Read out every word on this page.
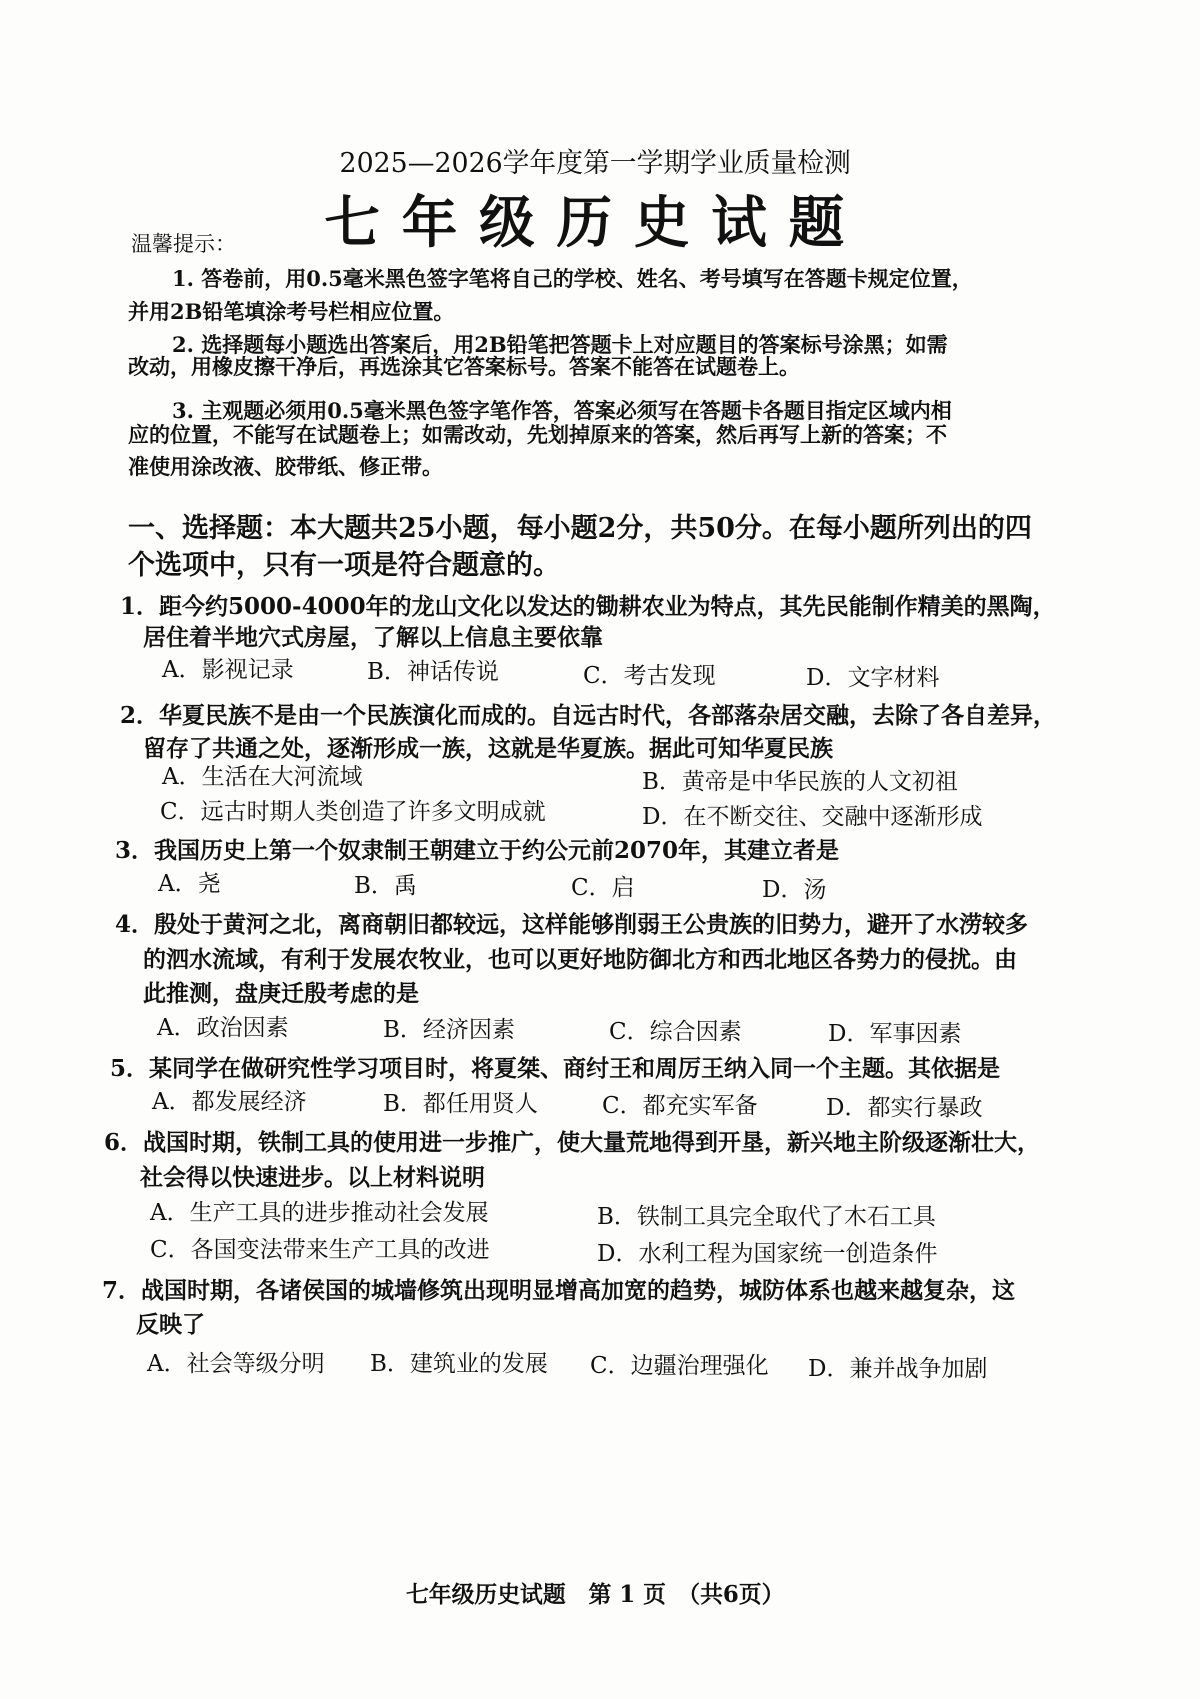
2025—2026学年度第一学期学业质量检测
七年级历史试题
温馨提示：
1. 答卷前，用0.5毫米黑色签字笔将自己的学校、姓名、考号填写在答题卡规定位置，
并用2B铅笔填涂考号栏相应位置。
2. 选择题每小题选出答案后，用2B铅笔把答题卡上对应题目的答案标号涂黑；如需
改动，用橡皮擦干净后，再选涂其它答案标号。答案不能答在试题卷上。
3. 主观题必须用0.5毫米黑色签字笔作答，答案必须写在答题卡各题目指定区域内相
应的位置，不能写在试题卷上；如需改动，先划掉原来的答案，然后再写上新的答案；不
准使用涂改液、胶带纸、修正带。
一、选择题：本大题共25小题，每小题2分，共50分。在每小题所列出的四
个选项中，只有一项是符合题意的。
1．距今约5000-4000年的龙山文化以发达的锄耕农业为特点，其先民能制作精美的黑陶，
居住着半地穴式房屋，了解以上信息主要依靠
A．影视记录	B．神话传说	C．考古发现	D．文字材料
2．华夏民族不是由一个民族演化而成的。自远古时代，各部落杂居交融，去除了各自差异，
留存了共通之处，逐渐形成一族，这就是华夏族。据此可知华夏民族
A．生活在大河流域	B．黄帝是中华民族的人文初祖
C．远古时期人类创造了许多文明成就	D．在不断交往、交融中逐渐形成
3．我国历史上第一个奴隶制王朝建立于约公元前2070年，其建立者是
A．尧	B．禹	C．启	D．汤
4．殷处于黄河之北，离商朝旧都较远，这样能够削弱王公贵族的旧势力，避开了水涝较多
的泗水流域，有利于发展农牧业，也可以更好地防御北方和西北地区各势力的侵扰。由
此推测，盘庚迁殷考虑的是
A．政治因素	B．经济因素	C．综合因素	D．军事因素
5．某同学在做研究性学习项目时，将夏桀、商纣王和周厉王纳入同一个主题。其依据是
A．都发展经济	B．都任用贤人	C．都充实军备	D．都实行暴政
6．战国时期，铁制工具的使用进一步推广，使大量荒地得到开垦，新兴地主阶级逐渐壮大，
社会得以快速进步。以上材料说明
A．生产工具的进步推动社会发展	B．铁制工具完全取代了木石工具
C．各国变法带来生产工具的改进	D．水利工程为国家统一创造条件
7．战国时期，各诸侯国的城墙修筑出现明显增高加宽的趋势，城防体系也越来越复杂，这
反映了
A．社会等级分明 B．建筑业的发展 C．边疆治理强化 D．兼并战争加剧
七年级历史试题　第 1 页　（共6页）
